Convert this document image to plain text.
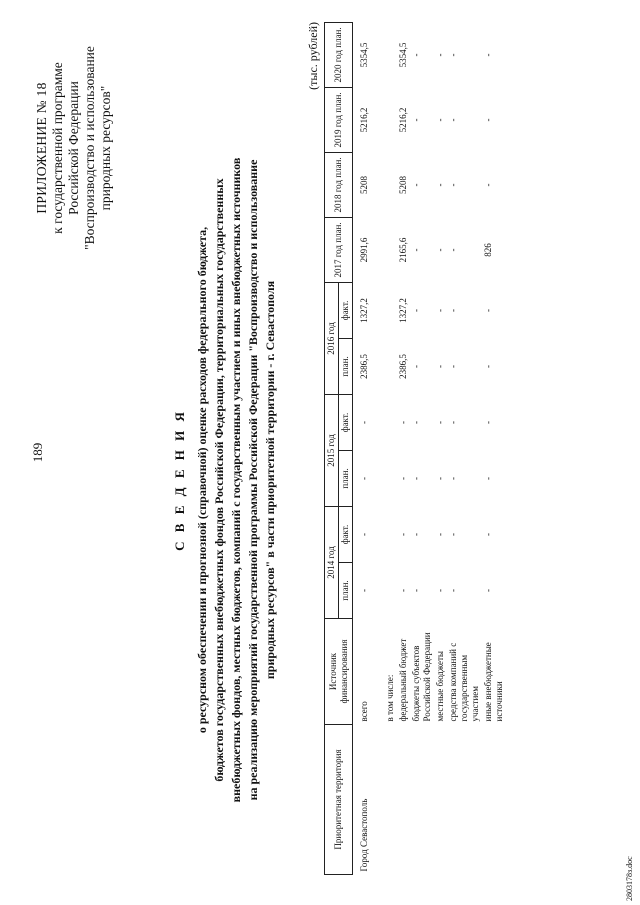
189
ПРИЛОЖЕНИЕ № 18 к государственной программе Российской Федерации "Воспроизводство и использование природных ресурсов"
С В Е Д Е Н И Я о ресурсном обеспечении и прогнозной (справочной) оценке расходов федерального бюджета, бюджетов государственных внебюджетных фондов Российской Федерации, территориальных государственных внебюджетных фондов, местных бюджетов, компаний с государственным участием и иных внебюджетных источников на реализацию мероприятий государственной программы Российской Федерации "Воспроизводство и использование природных ресурсов" в части приоритетной территории - г. Севастополя
(тыс. рублей)
Приоритетная территория	Источник финансирования	2014 год		2015 год		2016 год		2017 год план.	2018 год план.	2019 год план.	2020 год план.
		план.	факт.	план.	факт.	план.	факт.				
Город Севастополь	всего	-	-	-	-	2386,5	1327,2	2991,6	5208	5216,2	5354,5
	в том числе:										
	федеральный бюджет	-	-	-	-	2386,5	1327,2	2165,6	5208	5216,2	5354,5
	бюджеты субъектов Российской Федерации	-	-	-	-	-	-	-	-	-	-
	местные бюджеты	-	-	-	-	-	-	-	-	-	-
	средства компаний с государственным участием	-	-	-	-	-	-	-	-	-	-
	иные внебюджетные источники	-	-	-	-	-	-	826	-	-	-
2803178з.doc
